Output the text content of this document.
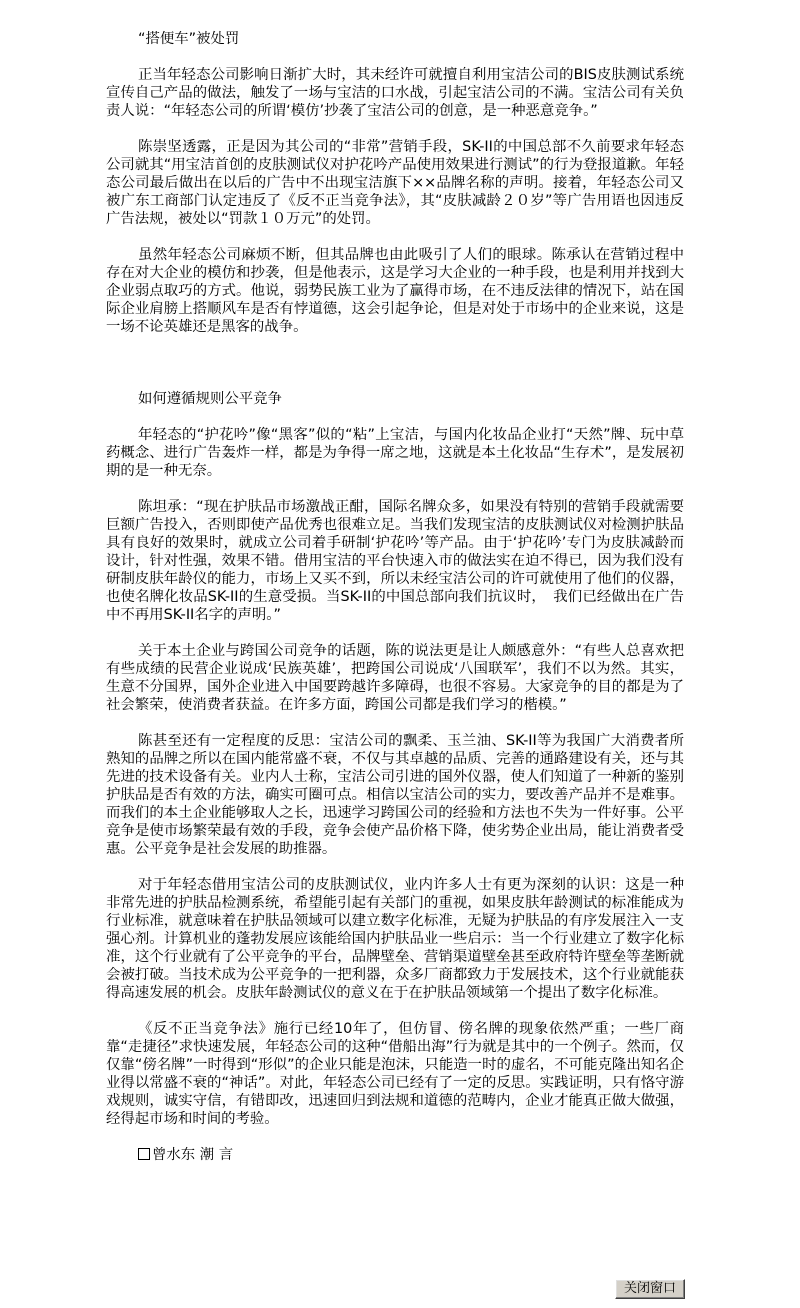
“搭便车”被处罚

正当年轻态公司影响日渐扩大时，其未经许可就擅自利用宝洁公司的BIS皮肤测试系统宣传自己产品的做法，触发了一场与宝洁的口水战，引起宝洁公司的不满。宝洁公司有关负责人说：“年轻态公司的所谓‘模仿’抄袭了宝洁公司的创意，是一种恶意竞争。”

陈崇坚透露，正是因为其公司的“非常”营销手段，SK-II的中国总部不久前要求年轻态公司就其“用宝洁首创的皮肤测试仪对护花吟产品使用效果进行测试”的行为登报道歉。年轻态公司最后做出在以后的广告中不出现宝洁旗下××品牌名称的声明。接着，年轻态公司又被广东工商部门认定违反了《反不正当竞争法》，其“皮肤减龄２０岁”等广告用语也因违反广告法规，被处以“罚款１０万元”的处罚。

虽然年轻态公司麻烦不断，但其品牌也由此吸引了人们的眼球。陈承认在营销过程中存在对大企业的模仿和抄袭，但是他表示，这是学习大企业的一种手段，也是利用并找到大企业弱点取巧的方式。他说，弱势民族工业为了赢得市场，在不违反法律的情况下，站在国际企业肩膀上搭顺风车是否有悖道德，这会引起争论，但是对处于市场中的企业来说，这是一场不论英雄还是黑客的战争。

如何遵循规则公平竞争

年轻态的“护花吟”像“黑客”似的“粘”上宝洁，与国内化妆品企业打“天然”牌、玩中草药概念、进行广告轰炸一样，都是为争得一席之地，这就是本土化妆品“生存术”，是发展初期的是一种无奈。

陈坦承：“现在护肤品市场激战正酣，国际名牌众多，如果没有特别的营销手段就需要巨额广告投入，否则即使产品优秀也很难立足。当我们发现宝洁的皮肤测试仪对检测护肤品具有良好的效果时，就成立公司着手研制‘护花吟’等产品。由于‘护花吟’专门为皮肤减龄而设计，针对性强，效果不错。借用宝洁的平台快速入市的做法实在迫不得已，因为我们没有研制皮肤年龄仪的能力，市场上又买不到，所以未经宝洁公司的许可就使用了他们的仪器，也使名牌化妆品SK-II的生意受损。当SK-II的中国总部向我们抗议时，　我们已经做出在广告中不再用SK-II名字的声明。”

关于本土企业与跨国公司竞争的话题，陈的说法更是让人颇感意外：“有些人总喜欢把有些成绩的民营企业说成‘民族英雄’，把跨国公司说成‘八国联军’，我们不以为然。其实，生意不分国界，国外企业进入中国要跨越许多障碍，也很不容易。大家竞争的目的都是为了社会繁荣，使消费者获益。在许多方面，跨国公司都是我们学习的楷模。”

陈甚至还有一定程度的反思：宝洁公司的飘柔、玉兰油、SK-II等为我国广大消费者所熟知的品牌之所以在国内能常盛不衰，不仅与其卓越的品质、完善的通路建设有关，还与其先进的技术设备有关。业内人士称，宝洁公司引进的国外仪器，使人们知道了一种新的鉴别护肤品是否有效的方法，确实可圈可点。相信以宝洁公司的实力，要改善产品并不是难事。而我们的本土企业能够取人之长，迅速学习跨国公司的经验和方法也不失为一件好事。公平竞争是使市场繁荣最有效的手段，竞争会使产品价格下降，使劣势企业出局，能让消费者受惠。公平竞争是社会发展的助推器。

对于年轻态借用宝洁公司的皮肤测试仪，业内许多人士有更为深刻的认识：这是一种非常先进的护肤品检测系统，希望能引起有关部门的重视，如果皮肤年龄测试的标准能成为行业标准，就意味着在护肤品领域可以建立数字化标准，无疑为护肤品的有序发展注入一支强心剂。计算机业的蓬勃发展应该能给国内护肤品业一些启示：当一个行业建立了数字化标准，这个行业就有了公平竞争的平台，品牌壁垒、营销渠道壁垒甚至政府特许壁垒等垄断就会被打破。当技术成为公平竞争的一把利器，众多厂商都致力于发展技术，这个行业就能获得高速发展的机会。皮肤年龄测试仪的意义在于在护肤品领域第一个提出了数字化标准。

《反不正当竞争法》施行已经10年了，但仿冒、傍名牌的现象依然严重；一些厂商靠“走捷径”求快速发展，年轻态公司的这种“借船出海”行为就是其中的一个例子。然而，仅仅靠“傍名牌”一时得到“形似”的企业只能是泡沫，只能造一时的虚名，不可能克隆出知名企业得以常盛不衰的“神话”。对此，年轻态公司已经有了一定的反思。实践证明，只有恪守游戏规则，诚实守信，有错即改，迅速回归到法规和道德的范畴内，企业才能真正做大做强，经得起市场和时间的考验。

曾水东 潮 言

关闭窗口
